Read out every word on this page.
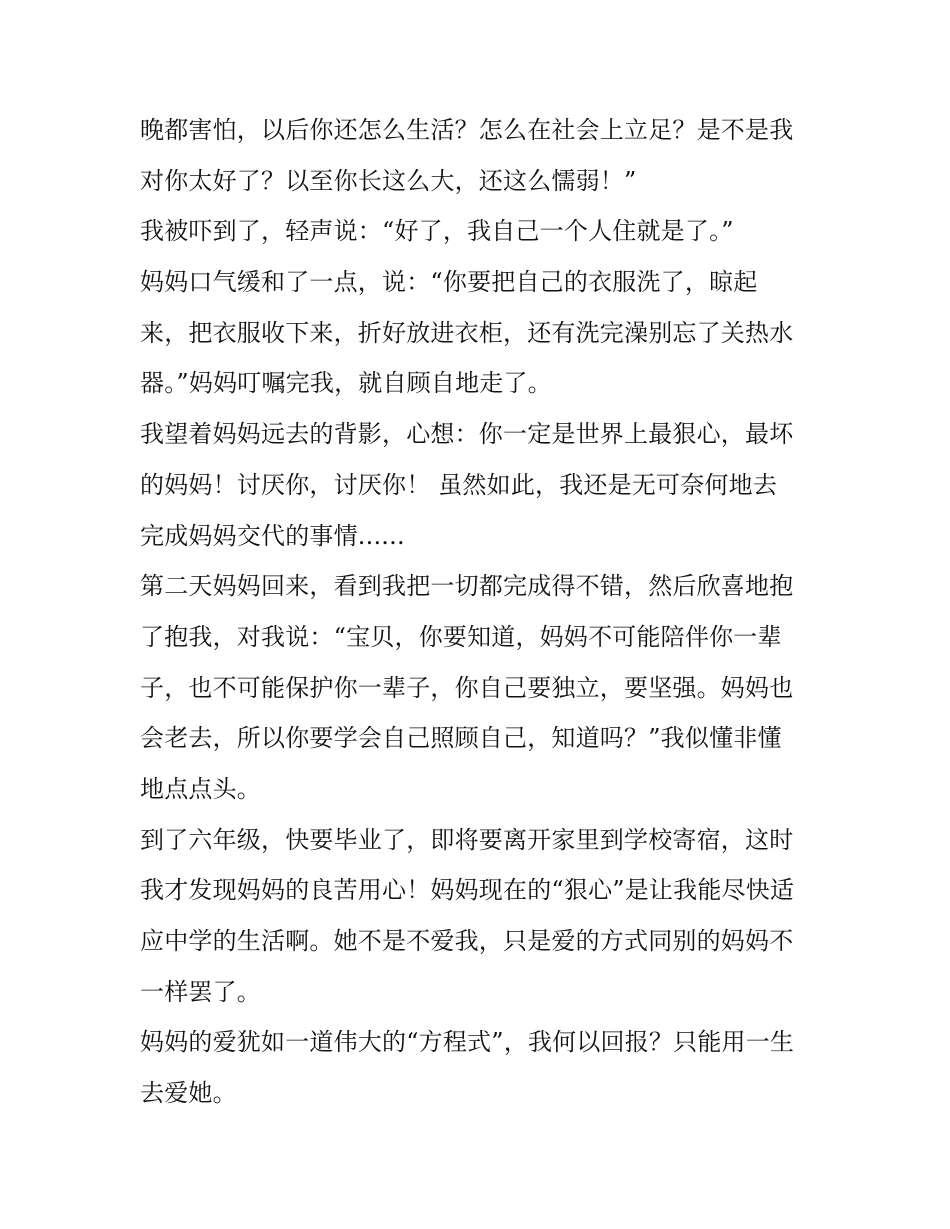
晚都害怕，以后你还怎么生活？怎么在社会上立足？是不是我
对你太好了？以至你长这么大，还这么懦弱！”
我被吓到了，轻声说：“好了，我自己一个人住就是了。”
妈妈口气缓和了一点，说：“你要把自己的衣服洗了，晾起
来，把衣服收下来，折好放进衣柜，还有洗完澡别忘了关热水
器。”妈妈叮嘱完我，就自顾自地走了。
我望着妈妈远去的背影，心想：你一定是世界上最狠心，最坏
的妈妈！讨厌你，讨厌你！ 虽然如此，我还是无可奈何地去
完成妈妈交代的事情......
第二天妈妈回来，看到我把一切都完成得不错，然后欣喜地抱
了抱我，对我说：“宝贝，你要知道，妈妈不可能陪伴你一辈
子，也不可能保护你一辈子，你自己要独立，要坚强。妈妈也
会老去，所以你要学会自己照顾自己，知道吗？”我似懂非懂
地点点头。
到了六年级，快要毕业了，即将要离开家里到学校寄宿，这时
我才发现妈妈的良苦用心！妈妈现在的“狠心”是让我能尽快适
应中学的生活啊。她不是不爱我，只是爱的方式同别的妈妈不
一样罢了。
妈妈的爱犹如一道伟大的“方程式”，我何以回报？只能用一生
去爱她。
